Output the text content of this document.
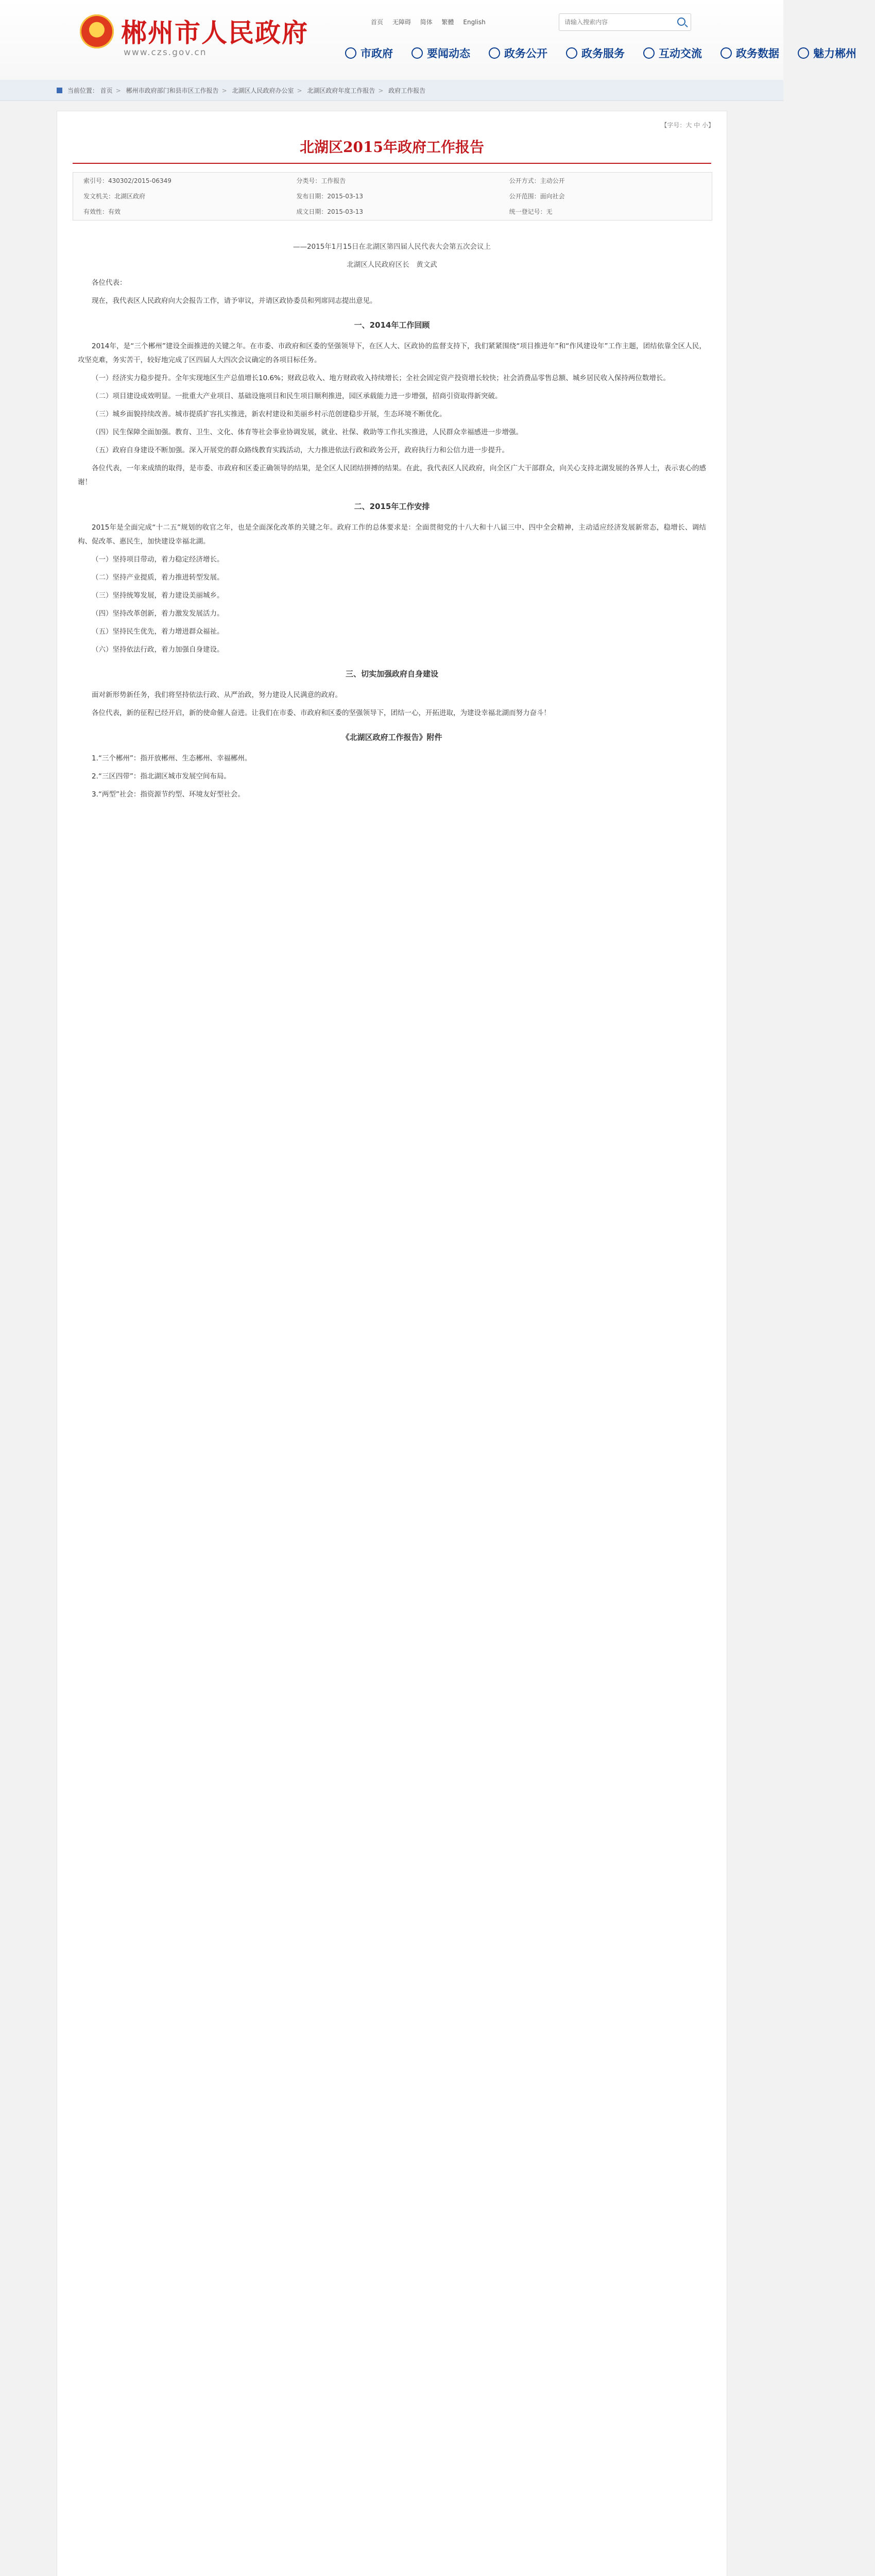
郴州市人民政府
www.czs.gov.cn
首页 无障碍 简体 繁體 English
请输入搜索内容
市政府	要闻动态	政务公开	政务服务	互动交流	政务数据	魅力郴州
当前位置： 首页 > 郴州市政府部门和县市区工作报告 > 北湖区人民政府办公室 > 北湖区政府年度工作报告 > 政府工作报告
【字号：大 中 小】
北湖区2015年政府工作报告
索引号：430302/2015-06349	分类号：工作报告	公开方式：主动公开
发文机关：北湖区政府	发布日期：2015-03-13	公开范围：面向社会
有效性：有效	成文日期：2015-03-13	统一登记号：无

——2015年1月15日在北湖区第四届人民代表大会第五次会议上

北湖区人民政府区长　黄文武

各位代表：

现在，我代表区人民政府向大会报告工作，请予审议，并请区政协委员和列席同志提出意见。

一、2014年工作回顾

2014年，是“三个郴州”建设全面推进的关键之年。在市委、市政府和区委的坚强领导下，在区人大、区政协的监督支持下，我们紧紧围绕“项目推进年”和“作风建设年”工作主题，团结依靠全区人民，攻坚克难，务实苦干，较好地完成了区四届人大四次会议确定的各项目标任务。

（一）经济实力稳步提升。全年实现地区生产总值增长10.6%；财政总收入、地方财政收入持续增长；全社会固定资产投资增长较快；社会消费品零售总额、城乡居民收入保持两位数增长。

（二）项目建设成效明显。一批重大产业项目、基础设施项目和民生项目顺利推进，园区承载能力进一步增强，招商引资取得新突破。

（三）城乡面貌持续改善。城市提质扩容扎实推进，新农村建设和美丽乡村示范创建稳步开展，生态环境不断优化。

（四）民生保障全面加强。教育、卫生、文化、体育等社会事业协调发展，就业、社保、救助等工作扎实推进，人民群众幸福感进一步增强。

（五）政府自身建设不断加强。深入开展党的群众路线教育实践活动，大力推进依法行政和政务公开，政府执行力和公信力进一步提升。

各位代表，一年来成绩的取得，是市委、市政府和区委正确领导的结果，是全区人民团结拼搏的结果。在此，我代表区人民政府，向全区广大干部群众，向关心支持北湖发展的各界人士，表示衷心的感谢！

二、2015年工作安排

2015年是全面完成“十二五”规划的收官之年，也是全面深化改革的关键之年。政府工作的总体要求是：全面贯彻党的十八大和十八届三中、四中全会精神，主动适应经济发展新常态，稳增长、调结构、促改革、惠民生，加快建设幸福北湖。

（一）坚持项目带动，着力稳定经济增长。

（二）坚持产业提质，着力推进转型发展。

（三）坚持统筹发展，着力建设美丽城乡。

（四）坚持改革创新，着力激发发展活力。

（五）坚持民生优先，着力增进群众福祉。

（六）坚持依法行政，着力加强自身建设。

三、切实加强政府自身建设

面对新形势新任务，我们将坚持依法行政、从严治政，努力建设人民满意的政府。

各位代表，新的征程已经开启，新的使命催人奋进。让我们在市委、市政府和区委的坚强领导下，团结一心，开拓进取，为建设幸福北湖而努力奋斗！

《北湖区政府工作报告》附件

1.“三个郴州”：指开放郴州、生态郴州、幸福郴州。

2.“三区四带”：指北湖区城市发展空间布局。

3.“两型”社会：指资源节约型、环境友好型社会。
